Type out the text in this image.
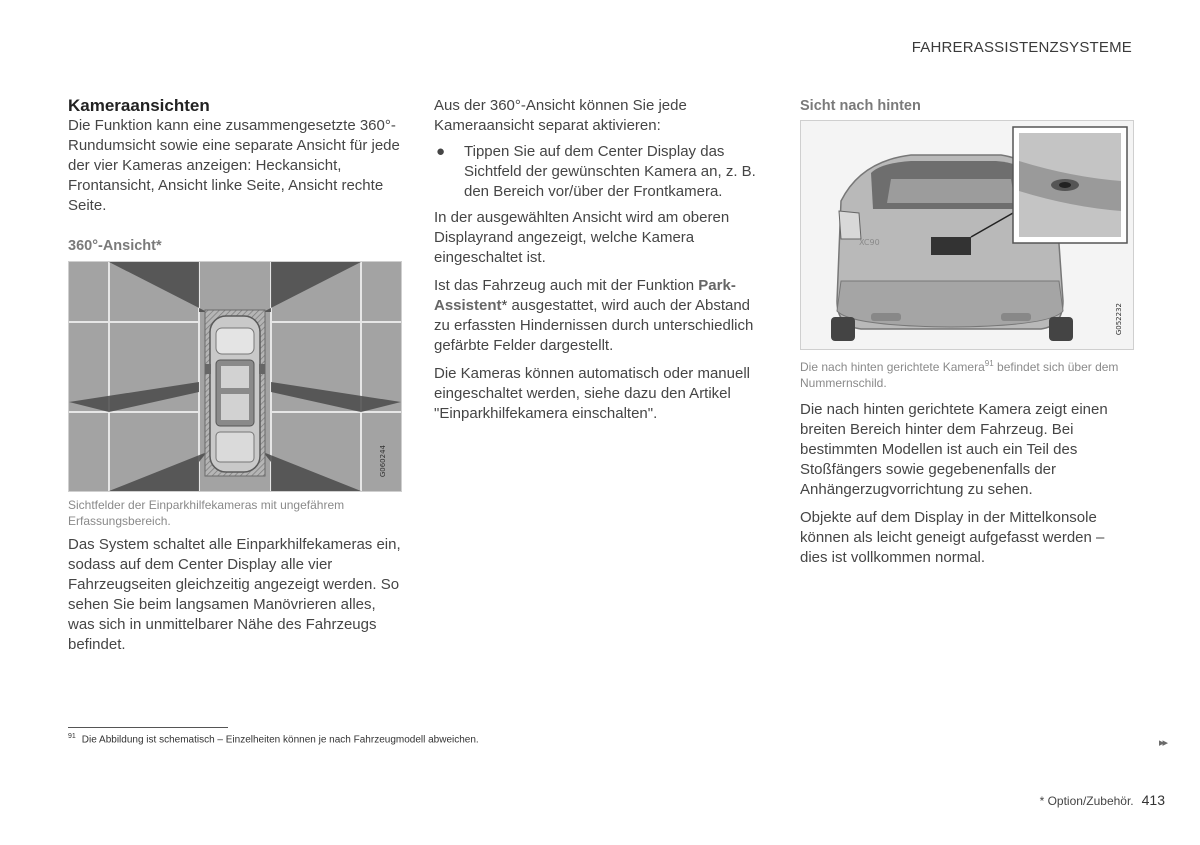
FAHRERASSISTENZSYSTEME
Kameraansichten

Die Funktion kann eine zusammengesetzte 360°-Rundumsicht sowie eine separate Ansicht für jede der vier Kameras anzeigen: Heckansicht, Frontansicht, Ansicht linke Seite, Ansicht rechte Seite.

360°-Ansicht*
G060244

Sichtfelder der Einparkhilfekameras mit ungefährem Erfassungsbereich.

Das System schaltet alle Einparkhilfekameras ein, sodass auf dem Center Display alle vier Fahrzeugseiten gleichzeitig angezeigt werden. So sehen Sie beim langsamen Manövrieren alles, was sich in unmittelbarer Nähe des Fahrzeugs befindet.

Aus der 360°-Ansicht können Sie jede Kameraansicht separat aktivieren:

●	Tippen Sie auf dem Center Display das Sichtfeld der gewünschten Kamera an, z. B. den Bereich vor/über der Frontkamera.

In der ausgewählten Ansicht wird am oberen Displayrand angezeigt, welche Kamera eingeschaltet ist.

Ist das Fahrzeug auch mit der Funktion Park-Assistent* ausgestattet, wird auch der Abstand zu erfassten Hindernissen durch unterschiedlich gefärbte Felder dargestellt.

Die Kameras können automatisch oder manuell eingeschaltet werden, siehe dazu den Artikel "Einparkhilfekamera einschalten".

Sicht nach hinten
XC90
G052232

Die nach hinten gerichtete Kamera$^{91}$ befindet sich über dem Nummernschild.

Die nach hinten gerichtete Kamera zeigt einen breiten Bereich hinter dem Fahrzeug. Bei bestimmten Modellen ist auch ein Teil des Stoßfängers sowie gegebenenfalls der Anhängerzugvorrichtung zu sehen.

Objekte auf dem Display in der Mittelkonsole können als leicht geneigt aufgefasst werden – dies ist vollkommen normal.

$^{91}$ Die Abbildung ist schematisch – Einzelheiten können je nach Fahrzeugmodell abweichen.	▸▸
* Option/Zubehör. 413
